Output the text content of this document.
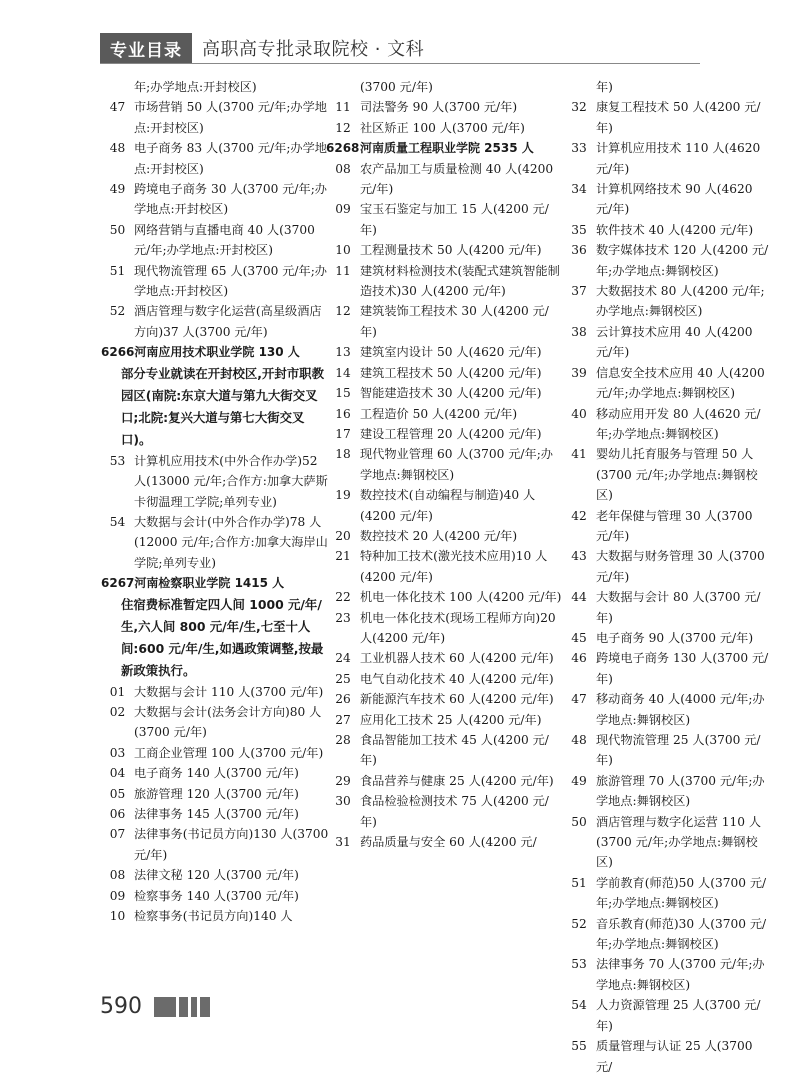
专业目录	高职高专批录取院校 · 文科
年;办学地点:开封校区)
47 市场营销 50 人(3700 元/年;办学地点:开封校区)
48 电子商务 83 人(3700 元/年;办学地点:开封校区)
49 跨境电子商务 30 人(3700 元/年;办学地点:开封校区)
50 网络营销与直播电商 40 人(3700 元/年;办学地点:开封校区)
51 现代物流管理 65 人(3700 元/年;办学地点:开封校区)
52 酒店管理与数字化运营(高星级酒店方向)37 人(3700 元/年)
6266 河南应用技术职业学院 130 人
部分专业就读在开封校区,开封市职教园区(南院:东京大道与第九大街交叉口;北院:复兴大道与第七大街交叉口)。
53 计算机应用技术(中外合作办学)52 人(13000 元/年;合作方:加拿大萨斯卡彻温理工学院;单列专业)
54 大数据与会计(中外合作办学)78 人(12000 元/年;合作方:加拿大海岸山学院;单列专业)
6267 河南检察职业学院 1415 人
住宿费标准暂定四人间 1000 元/年/生,六人间 800 元/年/生,七至十人间:600 元/年/生,如遇政策调整,按最新政策执行。
01 大数据与会计 110 人(3700 元/年)
02 大数据与会计(法务会计方向)80 人(3700 元/年)
03 工商企业管理 100 人(3700 元/年)
04 电子商务 140 人(3700 元/年)
05 旅游管理 120 人(3700 元/年)
06 法律事务 145 人(3700 元/年)
07 法律事务(书记员方向)130 人(3700 元/年)
08 法律文秘 120 人(3700 元/年)
09 检察事务 140 人(3700 元/年)
10 检察事务(书记员方向)140 人
(3700 元/年)
11 司法警务 90 人(3700 元/年)
12 社区矫正 100 人(3700 元/年)
6268 河南质量工程职业学院 2535 人
08 农产品加工与质量检测 40 人(4200 元/年)
09 宝玉石鉴定与加工 15 人(4200 元/年)
10 工程测量技术 50 人(4200 元/年)
11 建筑材料检测技术(装配式建筑智能制造技术)30 人(4200 元/年)
12 建筑装饰工程技术 30 人(4200 元/年)
13 建筑室内设计 50 人(4620 元/年)
14 建筑工程技术 50 人(4200 元/年)
15 智能建造技术 30 人(4200 元/年)
16 工程造价 50 人(4200 元/年)
17 建设工程管理 20 人(4200 元/年)
18 现代物业管理 60 人(3700 元/年;办学地点:舞钢校区)
19 数控技术(自动编程与制造)40 人(4200 元/年)
20 数控技术 20 人(4200 元/年)
21 特种加工技术(激光技术应用)10 人(4200 元/年)
22 机电一体化技术 100 人(4200 元/年)
23 机电一体化技术(现场工程师方向)20 人(4200 元/年)
24 工业机器人技术 60 人(4200 元/年)
25 电气自动化技术 40 人(4200 元/年)
26 新能源汽车技术 60 人(4200 元/年)
27 应用化工技术 25 人(4200 元/年)
28 食品智能加工技术 45 人(4200 元/年)
29 食品营养与健康 25 人(4200 元/年)
30 食品检验检测技术 75 人(4200 元/年)
31 药品质量与安全 60 人(4200 元/
年)
32 康复工程技术 50 人(4200 元/年)
33 计算机应用技术 110 人(4620 元/年)
34 计算机网络技术 90 人(4620 元/年)
35 软件技术 40 人(4200 元/年)
36 数字媒体技术 120 人(4200 元/年;办学地点:舞钢校区)
37 大数据技术 80 人(4200 元/年;办学地点:舞钢校区)
38 云计算技术应用 40 人(4200 元/年)
39 信息安全技术应用 40 人(4200 元/年;办学地点:舞钢校区)
40 移动应用开发 80 人(4620 元/年;办学地点:舞钢校区)
41 婴幼儿托育服务与管理 50 人(3700 元/年;办学地点:舞钢校区)
42 老年保健与管理 30 人(3700 元/年)
43 大数据与财务管理 30 人(3700 元/年)
44 大数据与会计 80 人(3700 元/年)
45 电子商务 90 人(3700 元/年)
46 跨境电子商务 130 人(3700 元/年)
47 移动商务 40 人(4000 元/年;办学地点:舞钢校区)
48 现代物流管理 25 人(3700 元/年)
49 旅游管理 70 人(3700 元/年;办学地点:舞钢校区)
50 酒店管理与数字化运营 110 人(3700 元/年;办学地点:舞钢校区)
51 学前教育(师范)50 人(3700 元/年;办学地点:舞钢校区)
52 音乐教育(师范)30 人(3700 元/年;办学地点:舞钢校区)
53 法律事务 70 人(3700 元/年;办学地点:舞钢校区)
54 人力资源管理 25 人(3700 元/年)
55 质量管理与认证 25 人(3700 元/
590
